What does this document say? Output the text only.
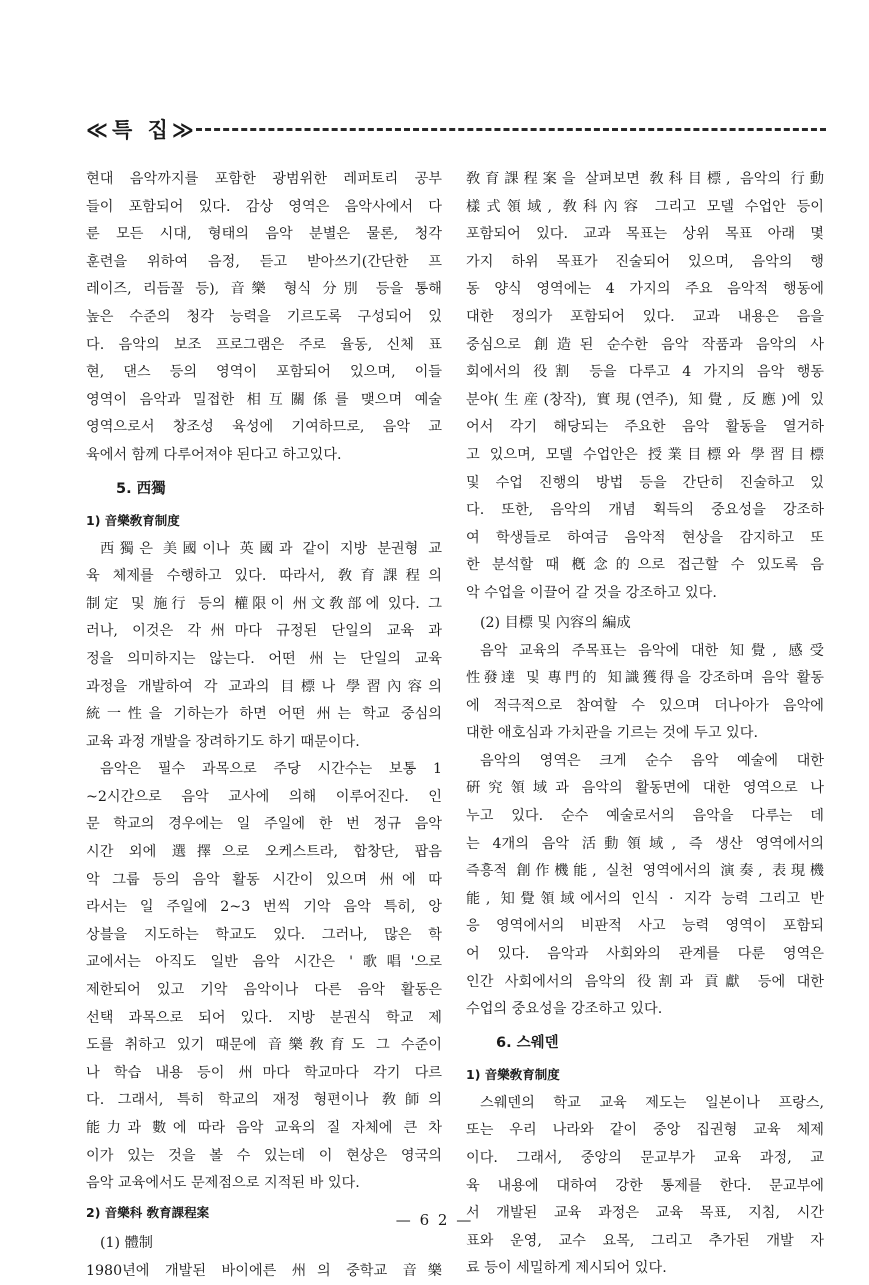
≪특 집≫

현대 음악까지를 포함한 광범위한 레퍼토리 공부

들이 포함되어 있다. 감상 영역은 음악사에서 다

룬 모든 시대, 형태의 음악 분별은 물론, 청각

훈련을 위하여 음정, 듣고 받아쓰기(간단한 프

레이즈, 리듬꼴 등), 音樂 형식 分別 등을 통해

높은 수준의 청각 능력을 기르도록 구성되어 있

다. 음악의 보조 프로그램은 주로 율동, 신체 표

현, 댄스 등의 영역이 포함되어 있으며, 이들

영역이 음악과 밀접한 相互關係를 맺으며 예술

영역으로서 창조성 육성에 기여하므로, 음악 교

육에서 함께 다루어져야 된다고 하고있다.

5. 西獨
1) 音樂敎育制度

西獨은 美國이나 英國과 같이 지방 분권형 교

육 체제를 수행하고 있다. 따라서, 敎育課程의

制定 및 施行 등의 權限이 州文敎部에 있다. 그

러나, 이것은 각州마다 규정된 단일의 교육 과

정을 의미하지는 않는다. 어떤 州는 단일의 교육

과정을 개발하여 각 교과의 目標나 學習內容의

統一性을 기하는가 하면 어떤 州는 학교 중심의

교육 과정 개발을 장려하기도 하기 때문이다.

음악은 필수 과목으로 주당 시간수는 보통 1

~2시간으로 음악 교사에 의해 이루어진다. 인

문 학교의 경우에는 일 주일에 한 번 정규 음악

시간 외에 選擇으로 오케스트라, 합창단, 팝음

악 그룹 등의 음악 활동 시간이 있으며 州에 따

라서는 일 주일에 2~3 번씩 기악 음악 특히, 앙

상블을 지도하는 학교도 있다. 그러나, 많은 학

교에서는 아직도 일반 음악 시간은 '歌唱'으로

제한되어 있고 기악 음악이나 다른 음악 활동은

선택 과목으로 되어 있다. 지방 분권식 학교 제

도를 취하고 있기 때문에 音樂敎育도 그 수준이

나 학습 내용 등이 州마다 학교마다 각기 다르

다. 그래서, 특히 학교의 재정 형편이나 敎師의

能力과 數에 따라 음악 교육의 질 자체에 큰 차

이가 있는 것을 볼 수 있는데 이 현상은 영국의

음악 교육에서도 문제점으로 지적된 바 있다.

2) 音樂科 敎育課程案
(1) 體制

1980년에 개발된 바이에른 州의 중학교 音樂

敎育課程案을 살펴보면 敎科目標, 음악의 行動

樣式領域, 敎科內容 그리고 모델 수업안 등이

포함되어 있다. 교과 목표는 상위 목표 아래 몇

가지 하위 목표가 진술되어 있으며, 음악의 행

동 양식 영역에는 4 가지의 주요 음악적 행동에

대한 정의가 포함되어 있다. 교과 내용은 음을

중심으로 創造된 순수한 음악 작품과 음악의 사

회에서의 役割 등을 다루고 4 가지의 음악 행동

분야(生産(창작), 實現(연주), 知覺, 反應)에 있

어서 각기 해당되는 주요한 음악 활동을 열거하

고 있으며, 모델 수업안은 授業目標와 學習目標

및 수업 진행의 방법 등을 간단히 진술하고 있

다. 또한, 음악의 개념 획득의 중요성을 강조하

여 학생들로 하여금 음악적 현상을 감지하고 또

한 분석할 때 槪念的으로 접근할 수 있도록 음

악 수업을 이끌어 갈 것을 강조하고 있다.

(2) 目標 및 內容의 編成

음악 교육의 주목표는 음악에 대한 知覺, 感受

性發達 및 專門的 知識獲得을 강조하며 음악 활동

에 적극적으로 참여할 수 있으며 더나아가 음악에

대한 애호심과 가치관을 기르는 것에 두고 있다.

음악의 영역은 크게 순수 음악 예술에 대한

硏究領域과 음악의 활동면에 대한 영역으로 나

누고 있다. 순수 예술로서의 음악을 다루는 데

는 4개의 음악 活動領域, 즉 생산 영역에서의

즉흥적 創作機能, 실천 영역에서의 演奏, 表現機

能, 知覺領域에서의 인식 · 지각 능력 그리고 반

응 영역에서의 비판적 사고 능력 영역이 포함되

어 있다. 음악과 사회와의 관계를 다룬 영역은

인간 사회에서의 음악의 役割과 貢獻 등에 대한

수업의 중요성을 강조하고 있다.

6. 스웨덴
1) 音樂敎育制度

스웨덴의 학교 교육 제도는 일본이나 프랑스,

또는 우리 나라와 같이 중앙 집권형 교육 체제

이다. 그래서, 중앙의 문교부가 교육 과정, 교

육 내용에 대하여 강한 통제를 한다. 문교부에

서 개발된 교육 과정은 교육 목표, 지침, 시간

표와 운영, 교수 요목, 그리고 추가된 개발 자

료 등이 세밀하게 제시되어 있다.

— 6 2 —
